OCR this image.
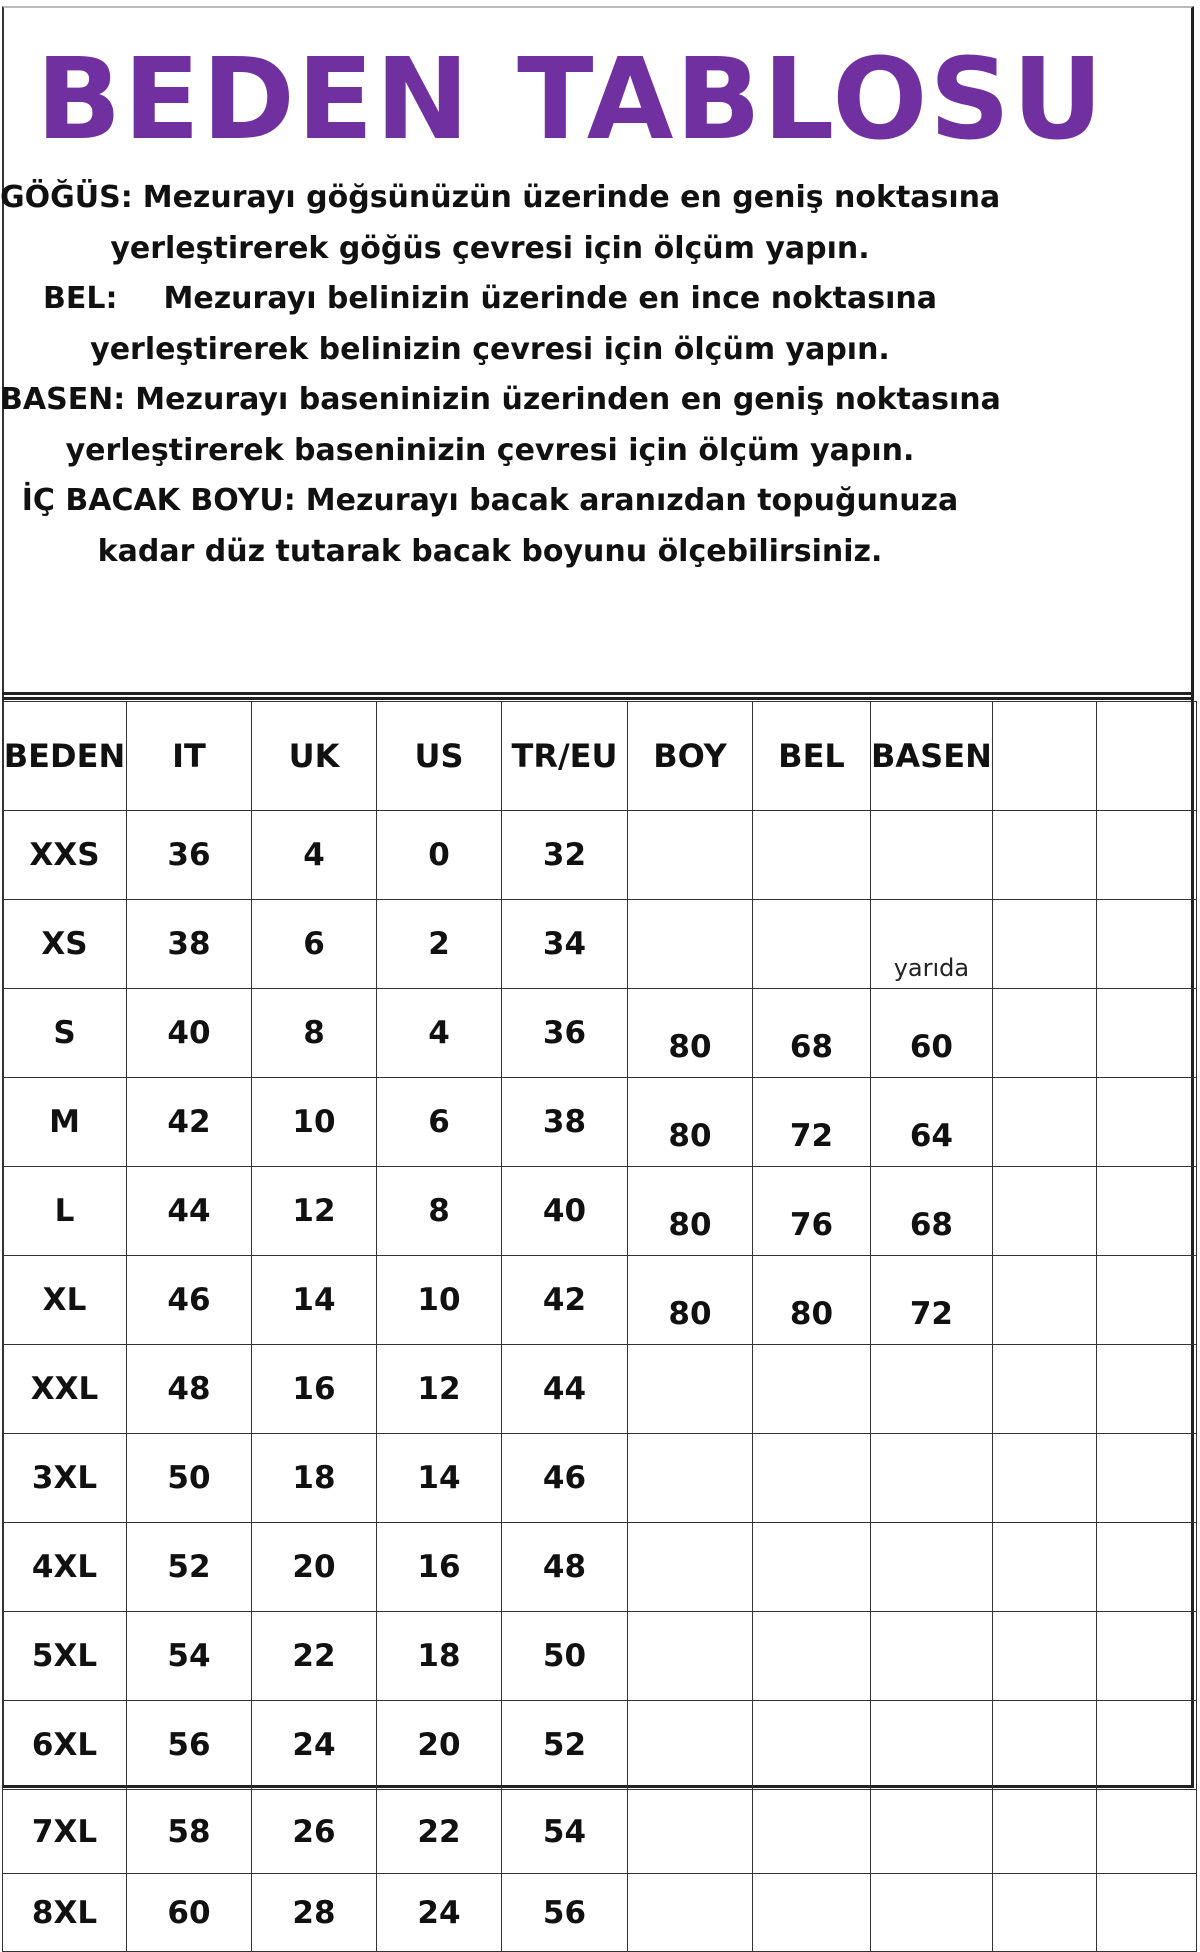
BEDEN TABLOSU
GÖĞÜS: Mezurayı göğsünüzün üzerinde en geniş noktasına
yerleştirerek göğüs çevresi için ölçüm yapın.
BEL: Mezurayı belinizin üzerinde en ince noktasına
yerleştirerek belinizin çevresi için ölçüm yapın.
BASEN: Mezurayı baseninizin üzerinden en geniş noktasına
yerleştirerek baseninizin çevresi için ölçüm yapın.
İÇ BACAK BOYU: Mezurayı bacak aranızdan topuğunuza
kadar düz tutarak bacak boyunu ölçebilirsiniz.
BEDEN	IT	UK	US	TR/EU	BOY	BEL	BASEN		
XXS	36	4	0	32					
XS	38	6	2	34			yarıda		

S	40	8	4	36	80	68	60		
M	42	10	6	38	80	72	64		
L	44	12	8	40	80	76	68		
XL	46	14	10	42	80	80	72		
XXL	48	16	12	44					
3XL	50	18	14	46					
4XL	52	20	16	48					
5XL	54	22	18	50					
6XL	56	24	20	52					
7XL	58	26	22	54					
8XL	60	28	24	56					
